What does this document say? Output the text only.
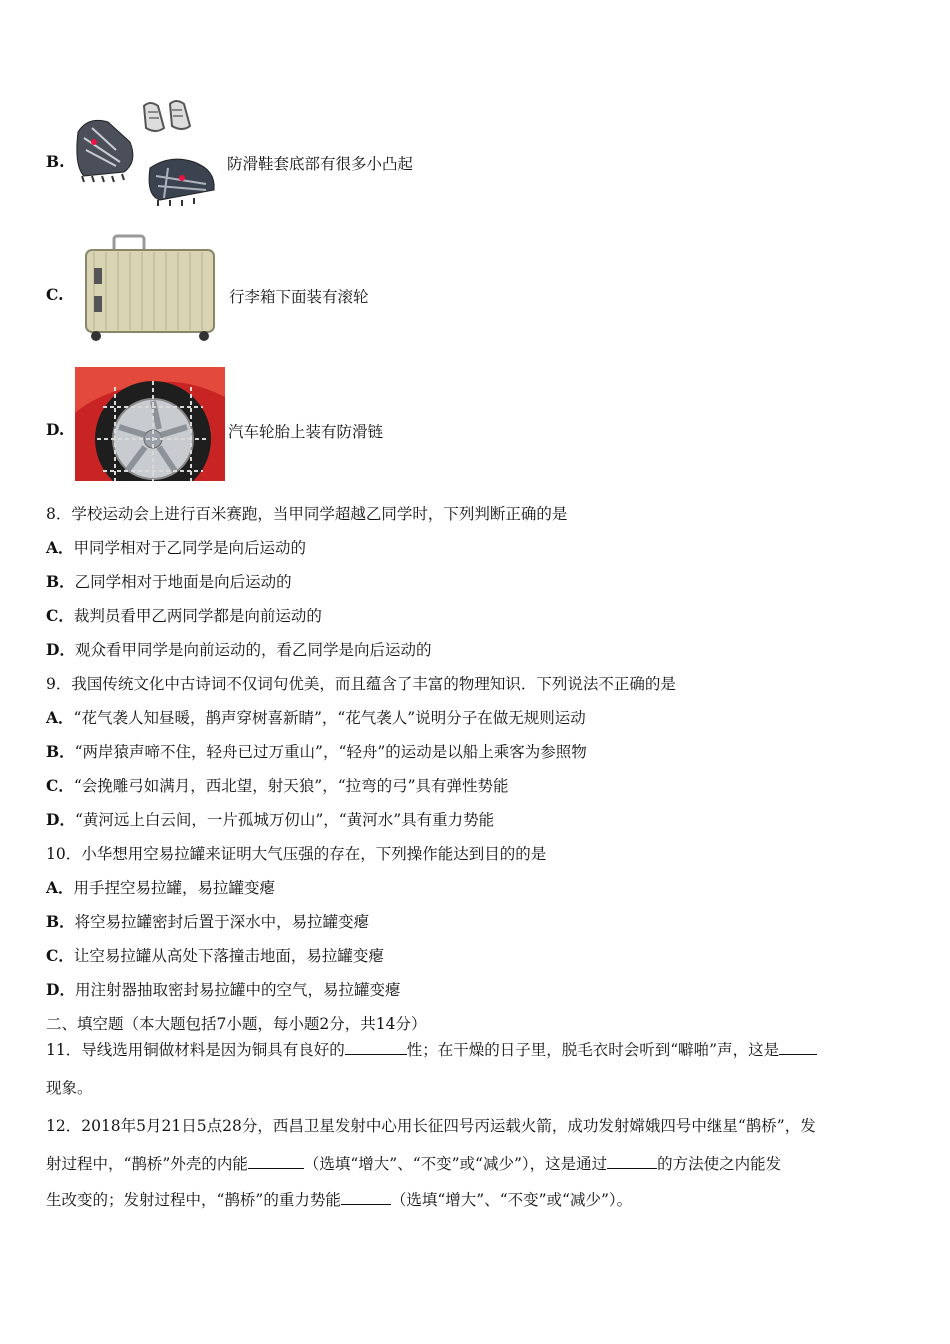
B.	防滑鞋套底部有很多小凸起
C.	行李箱下面装有滚轮
D.	汽车轮胎上装有防滑链
8．学校运动会上进行百米赛跑，当甲同学超越乙同学时，下列判断正确的是
A．甲同学相对于乙同学是向后运动的
B．乙同学相对于地面是向后运动的
C．裁判员看甲乙两同学都是向前运动的
D．观众看甲同学是向前运动的，看乙同学是向后运动的
9．我国传统文化中古诗词不仅词句优美，而且蕴含了丰富的物理知识．下列说法不正确的是
A．“花气袭人知昼暖，鹊声穿树喜新睛”，“花气袭人”说明分子在做无规则运动
B．“两岸猿声啼不住，轻舟已过万重山”，“轻舟”的运动是以船上乘客为参照物
C．“会挽雕弓如满月，西北望，射天狼”，“拉弯的弓”具有弹性势能
D．“黄河远上白云间，一片孤城万仞山”，“黄河水”具有重力势能
10．小华想用空易拉罐来证明大气压强的存在，下列操作能达到目的的是
A．用手捏空易拉罐，易拉罐变瘪
B．将空易拉罐密封后置于深水中，易拉罐变瘪
C．让空易拉罐从高处下落撞击地面，易拉罐变瘪
D．用注射器抽取密封易拉罐中的空气，易拉罐变瘪
二、填空题（本大题包括7小题，每小题2分，共14分）
11．导线选用铜做材料是因为铜具有良好的	性；在干燥的日子里，脱毛衣时会听到“噼啪”声，这是
现象。
12．2018年5月21日5点28分，西昌卫星发射中心用长征四号丙运载火箭，成功发射嫦娥四号中继星“鹊桥”，发
射过程中，“鹊桥”外壳的内能	（选填“增大”、“不变”或“减少”），这是通过	的方法使之内能发
生改变的；发射过程中，“鹊桥”的重力势能	（选填“增大”、“不变”或“减少”）。
